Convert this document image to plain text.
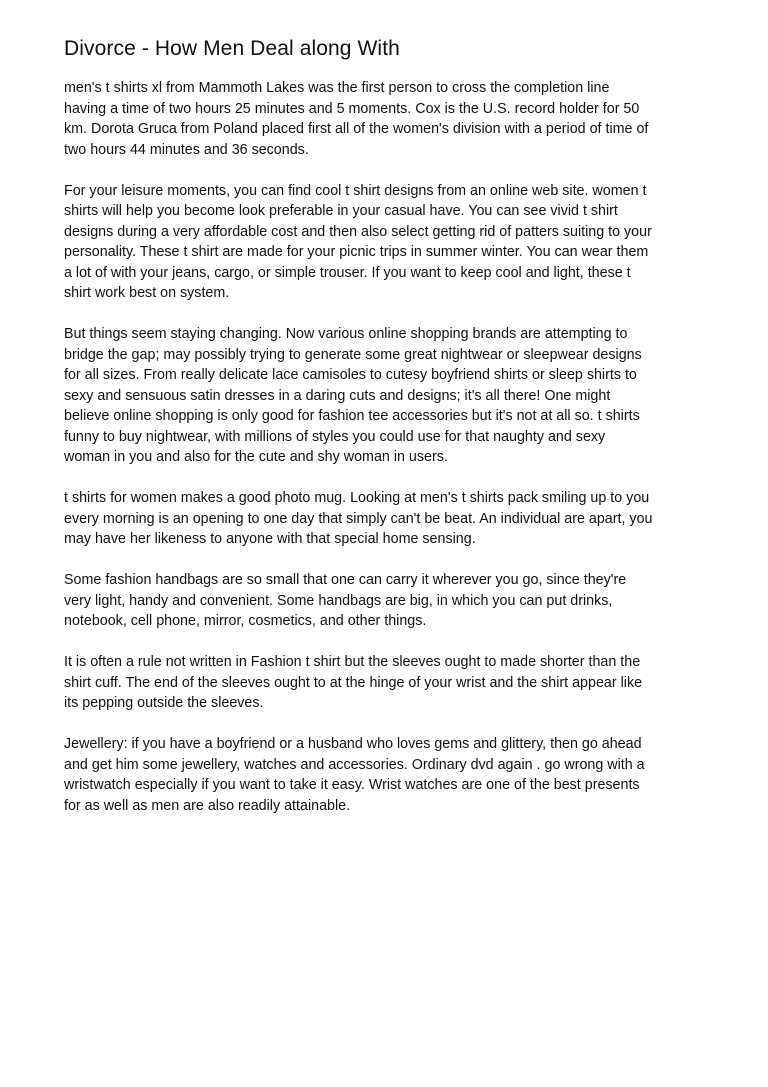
Divorce - How Men Deal along With

men's t shirts xl from Mammoth Lakes was the first person to cross the completion line
having a time of two hours 25 minutes and 5 moments. Cox is the U.S. record holder for 50
km. Dorota Gruca from Poland placed first all of the women's division with a period of time of
two hours 44 minutes and 36 seconds.

For your leisure moments, you can find cool t shirt designs from an online web site. women t
shirts will help you become look preferable in your casual have. You can see vivid t shirt
designs during a very affordable cost and then also select getting rid of patters suiting to your
personality. These t shirt are made for your picnic trips in summer winter. You can wear them
a lot of with your jeans, cargo, or simple trouser. If you want to keep cool and light, these t
shirt work best on system.

But things seem staying changing. Now various online shopping brands are attempting to
bridge the gap; may possibly trying to generate some great nightwear or sleepwear designs
for all sizes. From really delicate lace camisoles to cutesy boyfriend shirts or sleep shirts to
sexy and sensuous satin dresses in a daring cuts and designs; it's all there! One might
believe online shopping is only good for fashion tee accessories but it's not at all so. t shirts
funny to buy nightwear, with millions of styles you could use for that naughty and sexy
woman in you and also for the cute and shy woman in users.

t shirts for women makes a good photo mug. Looking at men's t shirts pack smiling up to you
every morning is an opening to one day that simply can't be beat. An individual are apart, you
may have her likeness to anyone with that special home sensing.

Some fashion handbags are so small that one can carry it wherever you go, since they're
very light, handy and convenient. Some handbags are big, in which you can put drinks,
notebook, cell phone, mirror, cosmetics, and other things.

It is often a rule not written in Fashion t shirt but the sleeves ought to made shorter than the
shirt cuff. The end of the sleeves ought to at the hinge of your wrist and the shirt appear like
its pepping outside the sleeves.

Jewellery: if you have a boyfriend or a husband who loves gems and glittery, then go ahead
and get him some jewellery, watches and accessories. Ordinary dvd again . go wrong with a
wristwatch especially if you want to take it easy. Wrist watches are one of the best presents
for as well as men are also readily attainable.
